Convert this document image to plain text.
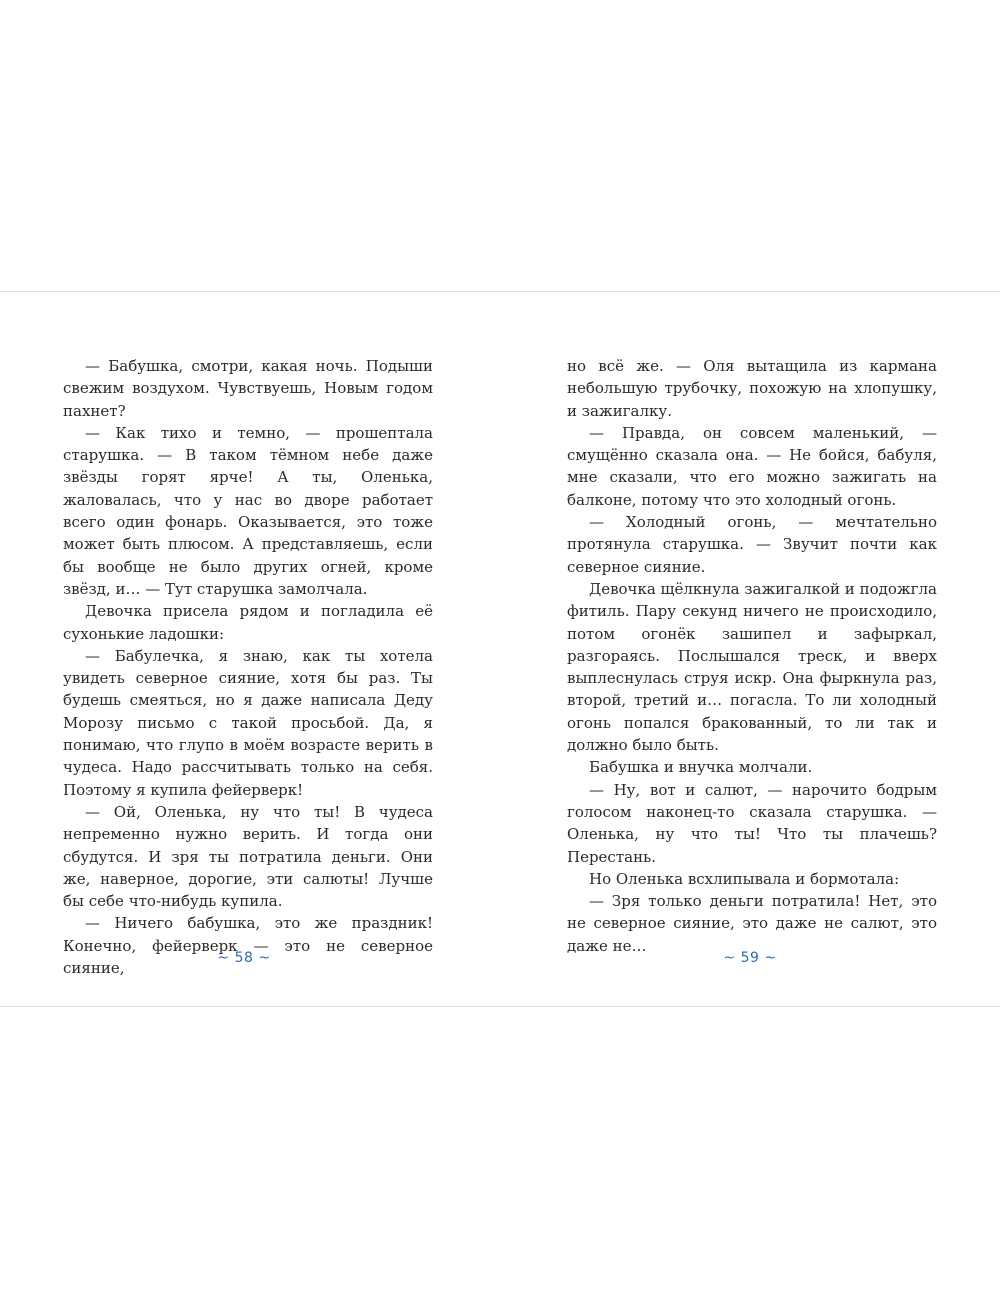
— Бабушка, смотри, какая ночь. Подыши свежим воздухом. Чувствуешь, Новым годом пахнет?

— Как тихо и темно, — прошептала старушка. — В таком тёмном небе даже звёзды горят ярче! А ты, Оленька, жаловалась, что у нас во дворе работает всего один фонарь. Оказывается, это тоже может быть плюсом. А представляешь, если бы вообще не было других огней, кроме звёзд, и… — Тут старушка замолчала.

Девочка присела рядом и погладила её сухонькие ладошки:

— Бабулечка, я знаю, как ты хотела увидеть северное сияние, хотя бы раз. Ты будешь смеяться, но я даже написала Деду Морозу письмо с такой просьбой. Да, я понимаю, что глупо в моём возрасте верить в чудеса. Надо рассчитывать только на себя. Поэтому я купила фейерверк!

— Ой, Оленька, ну что ты! В чудеса непременно нужно верить. И тогда они сбудутся. И зря ты потратила деньги. Они же, наверное, дорогие, эти салюты! Лучше бы себе что-нибудь купила.

— Ничего бабушка, это же праздник! Конечно, фейерверк — это не северное сияние,

~ 58 ~

но всё же. — Оля вытащила из кармана небольшую трубочку, похожую на хлопушку, и зажигалку.

— Правда, он совсем маленький, — смущённо сказала она. — Не бойся, бабуля, мне сказали, что его можно зажигать на балконе, потому что это холодный огонь.

— Холодный огонь, — мечтательно протянула старушка. — Звучит почти как северное сияние.

Девочка щёлкнула зажигалкой и подожгла фитиль. Пару секунд ничего не происходило, потом огонёк зашипел и зафыркал, разгораясь. Послышался треск, и вверх выплеснулась струя искр. Она фыркнула раз, второй, третий и… погасла. То ли холодный огонь попался бракованный, то ли так и должно было быть.

Бабушка и внучка молчали.

— Ну, вот и салют, — нарочито бодрым голосом наконец-то сказала старушка. — Оленька, ну что ты! Что ты плачешь? Перестань.

Но Оленька всхлипывала и бормотала:

— Зря только деньги потратила! Нет, это не северное сияние, это даже не салют, это даже не…

~ 59 ~
